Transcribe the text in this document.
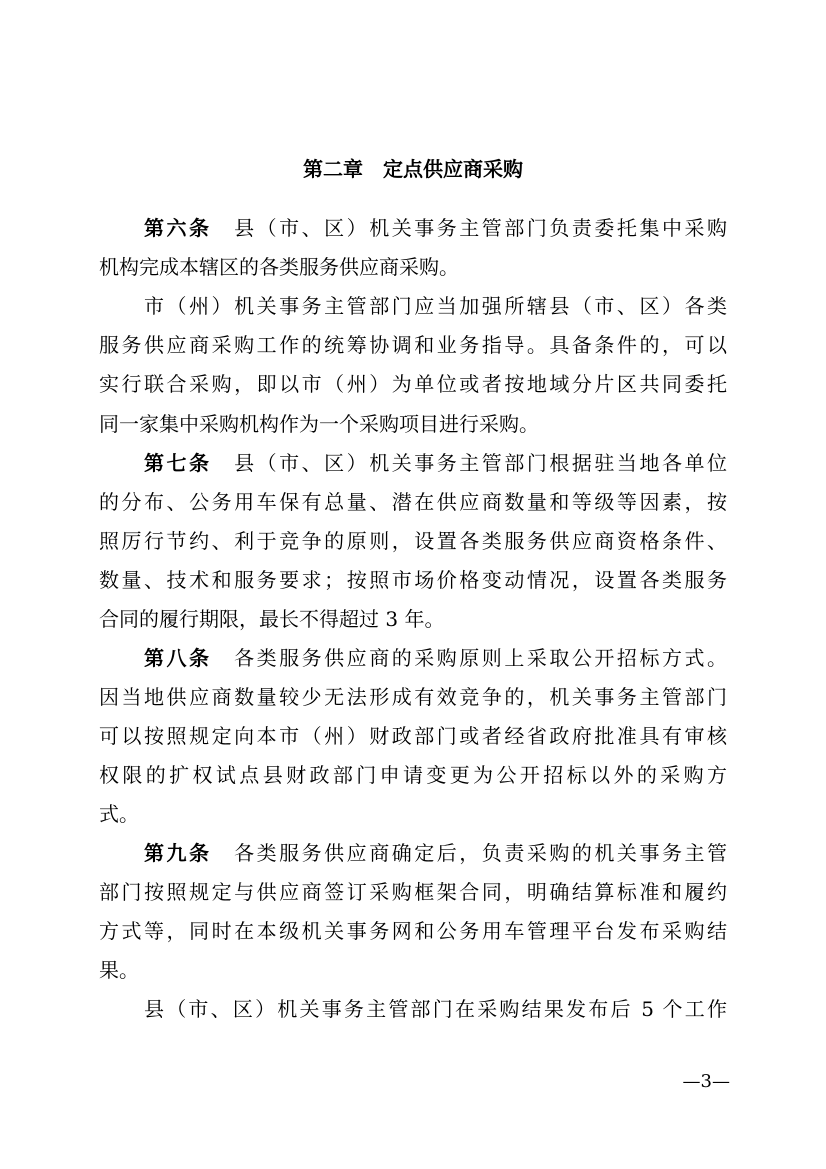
第二章　定点供应商采购
第六条　县（市、区）机关事务主管部门负责委托集中采购
机构完成本辖区的各类服务供应商采购。
市（州）机关事务主管部门应当加强所辖县（市、区）各类
服务供应商采购工作的统筹协调和业务指导。具备条件的，可以
实行联合采购，即以市（州）为单位或者按地域分片区共同委托
同一家集中采购机构作为一个采购项目进行采购。
第七条　县（市、区）机关事务主管部门根据驻当地各单位
的分布、公务用车保有总量、潜在供应商数量和等级等因素，按
照厉行节约、利于竞争的原则，设置各类服务供应商资格条件、
数量、技术和服务要求；按照市场价格变动情况，设置各类服务
合同的履行期限，最长不得超过 3 年。
第八条　各类服务供应商的采购原则上采取公开招标方式。
因当地供应商数量较少无法形成有效竞争的，机关事务主管部门
可以按照规定向本市（州）财政部门或者经省政府批准具有审核
权限的扩权试点县财政部门申请变更为公开招标以外的采购方
式。
第九条　各类服务供应商确定后，负责采购的机关事务主管
部门按照规定与供应商签订采购框架合同，明确结算标准和履约
方式等，同时在本级机关事务网和公务用车管理平台发布采购结
果。
县（市、区）机关事务主管部门在采购结果发布后 5 个工作
—3—
